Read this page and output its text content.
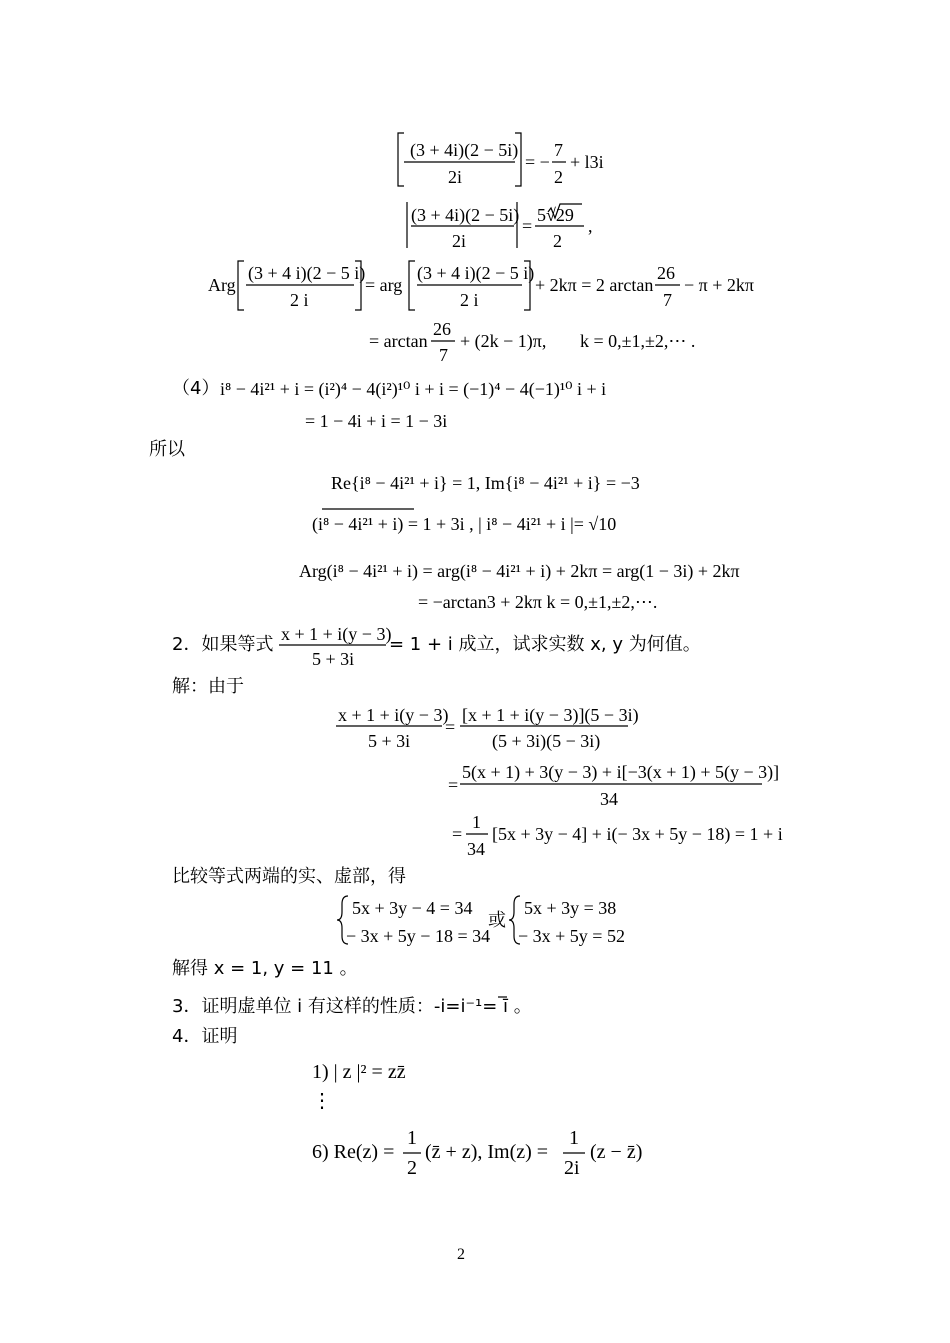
(3 + 4i)(2 − 5i)
2i
= −
7
2
+ l3i
(3 + 4i)(2 − 5i)
2i
=
5√29
2
,
Arg
(3 + 4 i)(2 − 5 i)
2 i
= arg
(3 + 4 i)(2 − 5 i)
2 i
+ 2kπ = 2 arctan
26
7
− π + 2kπ
= arctan
26
7
+ (2k − 1)π, k = 0,±1,±2,⋯ .
（4） i⁸ − 4i²¹ + i = (i²)⁴ − 4(i²)¹⁰ i + i = (−1)⁴ − 4(−1)¹⁰ i + i
= 1 − 4i + i = 1 − 3i
所以
Re{i⁸ − 4i²¹ + i} = 1, Im{i⁸ − 4i²¹ + i} = −3
(i⁸ − 4i²¹ + i) = 1 + 3i , | i⁸ − 4i²¹ + i |= √10
Arg(i⁸ − 4i²¹ + i) = arg(i⁸ − 4i²¹ + i) + 2kπ = arg(1 − 3i) + 2kπ
= −arctan3 + 2kπ k = 0,±1,±2,⋯.
2．如果等式 x + 1 + i(y − 3)
5 + 3i
= 1 + i 成立，试求实数 x, y 为何值。
解：由于
x + 1 + i(y − 3)
5 + 3i
=
[x + 1 + i(y − 3)](5 − 3i)
(5 + 3i)(5 − 3i)
=
5(x + 1) + 3(y − 3) + i[−3(x + 1) + 5(y − 3)]
34
=
1
34
[5x + 3y − 4] + i(− 3x + 5y − 18) = 1 + i
比较等式两端的实、虚部，得
5x + 3y − 4 = 34
− 3x + 5y − 18 = 34
或
5x + 3y = 38
− 3x + 5y = 52
解得 x = 1, y = 11 。
3．证明虚单位 i 有这样的性质：-i=i⁻¹= ī 。
4．证明
1) | z |² = zz̄
⋮
6) Re(z) =
1
2
(z̄ + z), Im(z) =
1
2i
(z − z̄)
2
